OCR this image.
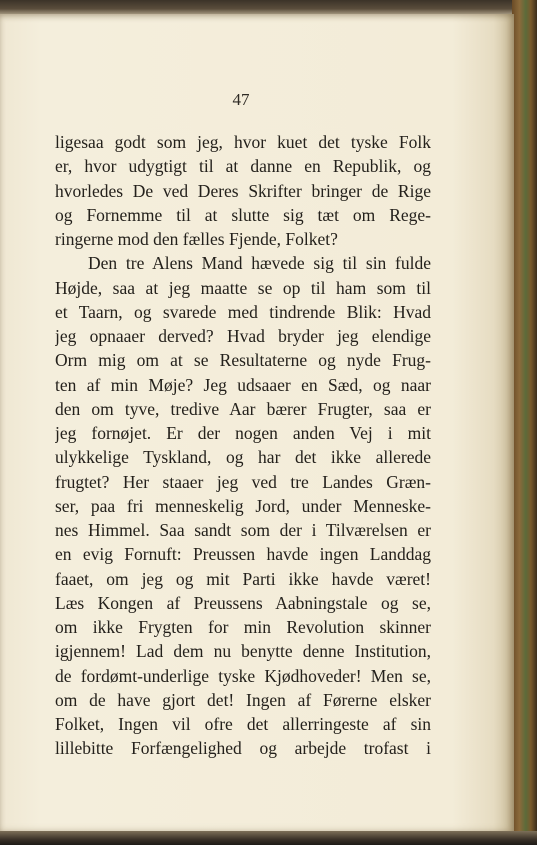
47

ligesaa godt som jeg, hvor kuet det tyske Folk
er, hvor udygtigt til at danne en Republik, og
hvorledes De ved Deres Skrifter bringer de Rige
og Fornemme til at slutte sig tæt om Rege-
ringerne mod den fælles Fjende, Folket?
Den tre Alens Mand hævede sig til sin fulde
Højde, saa at jeg maatte se op til ham som til
et Taarn, og svarede med tindrende Blik: Hvad
jeg opnaaer derved? Hvad bryder jeg elendige
Orm mig om at se Resultaterne og nyde Frug-
ten af min Møje? Jeg udsaaer en Sæd, og naar
den om tyve, tredive Aar bærer Frugter, saa er
jeg fornøjet. Er der nogen anden Vej i mit
ulykkelige Tyskland, og har det ikke allerede
frugtet? Her staaer jeg ved tre Landes Græn-
ser, paa fri menneskelig Jord, under Menneske-
nes Himmel. Saa sandt som der i Tilværelsen er
en evig Fornuft: Preussen havde ingen Landdag
faaet, om jeg og mit Parti ikke havde været!
Læs Kongen af Preussens Aabningstale og se,
om ikke Frygten for min Revolution skinner
igjennem! Lad dem nu benytte denne Institution,
de fordømt-underlige tyske Kjødhoveder! Men se,
om de have gjort det! Ingen af Førerne elsker
Folket, Ingen vil ofre det allerringeste af sin
lillebitte Forfængelighed og arbejde trofast i
